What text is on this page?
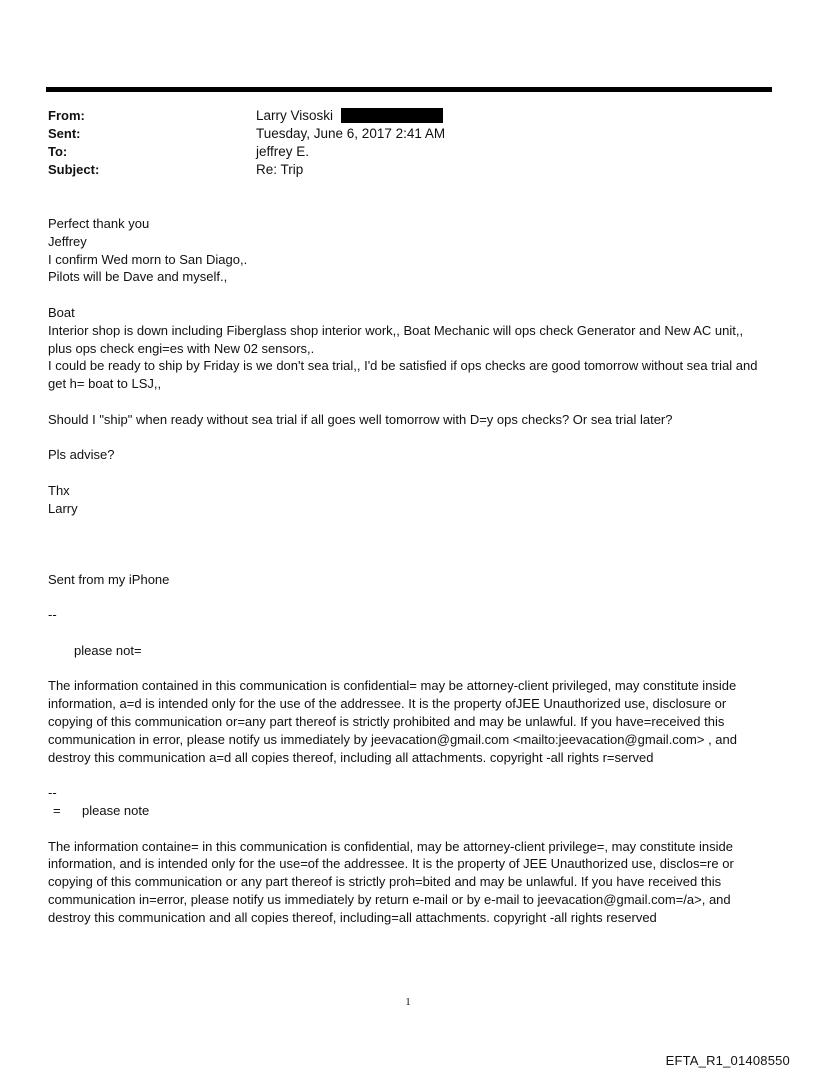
From:	Larry Visoski
Sent:	Tuesday, June 6, 2017 2:41 AM
To:	jeffrey E.
Subject:	Re: Trip

Perfect thank you
Jeffrey
I confirm Wed morn to San Diago,.
Pilots will be Dave and myself.,

Boat
Interior shop is down including Fiberglass shop interior work,, Boat Mechanic will ops check Generator and New AC unit,, plus ops check engi=es with New 02 sensors,.
I could be ready to ship by Friday is we don't sea trial,, I'd be satisfied if ops checks are good tomorrow without sea trial and get h= boat to LSJ,,

Should I "ship" when ready without sea trial if all goes well tomorrow with D=y ops checks? Or sea trial later?

Pls advise?

Thx
Larry

Sent from my iPhone

--

please not=

The information contained in this communication is confidential= may be attorney-client privileged, may constitute inside information, a=d is intended only for the use of the addressee. It is the property ofJEE Unauthorized use, disclosure or copying of this communication or=any part thereof is strictly prohibited and may be unlawful. If you have=received this communication in error, please notify us immediately by jeevacation@gmail.com <mailto:jeevacation@gmail.com> , and destroy this communication a=d all copies thereof, including all attachments. copyright -all rights r=served

--

= please note

The information containe= in this communication is confidential, may be attorney-client privilege=, may constitute inside information, and is intended only for the use=of the addressee. It is the property of JEE Unauthorized use, disclos=re or copying of this communication or any part thereof is strictly proh=bited and may be unlawful. If you have received this communication in=error, please notify us immediately by return e-mail or by e-mail to jeevacation@gmail.com=/a>, and destroy this communication and all copies thereof, including=all attachments. copyright -all rights reserved

1
EFTA_R1_01408550
